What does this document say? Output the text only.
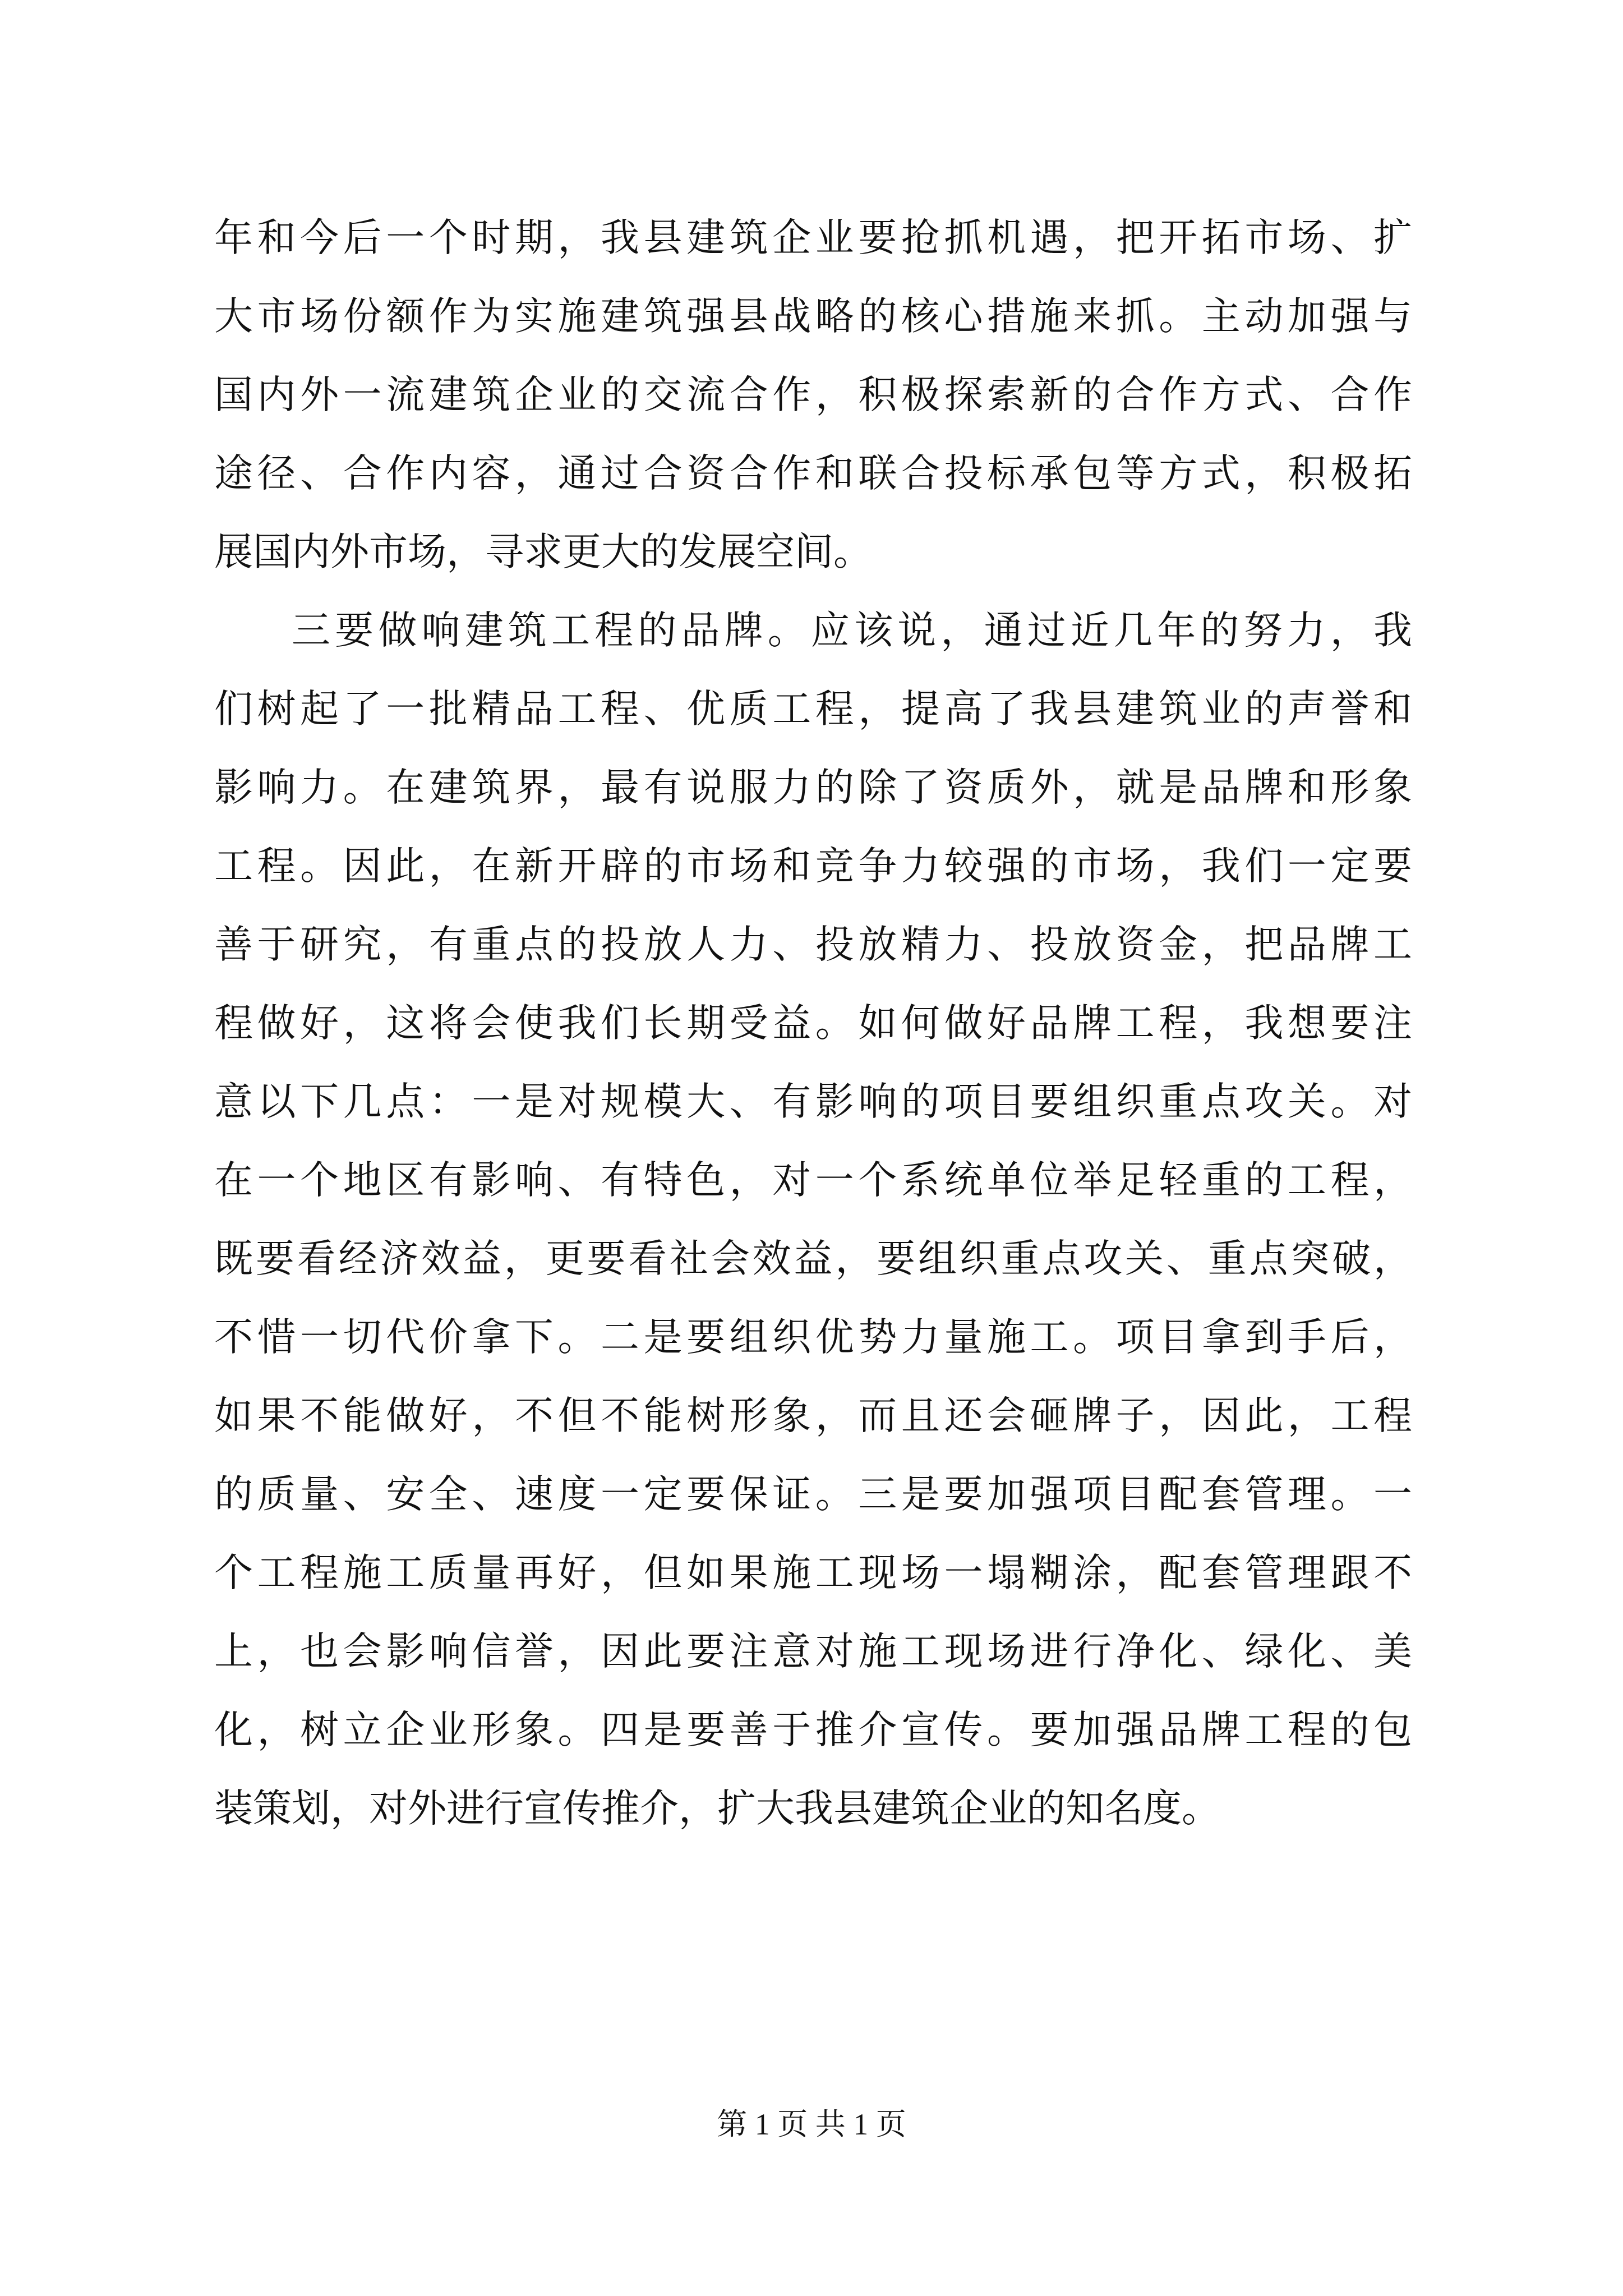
年和今后一个时期，我县建筑企业要抢抓机遇，把开拓市场、扩
大市场份额作为实施建筑强县战略的核心措施来抓。主动加强与
国内外一流建筑企业的交流合作，积极探索新的合作方式、合作
途径、合作内容，通过合资合作和联合投标承包等方式，积极拓
展国内外市场，寻求更大的发展空间。
三要做响建筑工程的品牌。应该说，通过近几年的努力，我
们树起了一批精品工程、优质工程，提高了我县建筑业的声誉和
影响力。在建筑界，最有说服力的除了资质外，就是品牌和形象
工程。因此，在新开辟的市场和竞争力较强的市场，我们一定要
善于研究，有重点的投放人力、投放精力、投放资金，把品牌工
程做好，这将会使我们长期受益。如何做好品牌工程，我想要注
意以下几点：一是对规模大、有影响的项目要组织重点攻关。对
在一个地区有影响、有特色，对一个系统单位举足轻重的工程，
既要看经济效益，更要看社会效益，要组织重点攻关、重点突破，
不惜一切代价拿下。二是要组织优势力量施工。项目拿到手后，
如果不能做好，不但不能树形象，而且还会砸牌子，因此，工程
的质量、安全、速度一定要保证。三是要加强项目配套管理。一
个工程施工质量再好，但如果施工现场一塌糊涂，配套管理跟不
上，也会影响信誉，因此要注意对施工现场进行净化、绿化、美
化，树立企业形象。四是要善于推介宣传。要加强品牌工程的包
装策划，对外进行宣传推介，扩大我县建筑企业的知名度。
第 1 页 共 1 页
